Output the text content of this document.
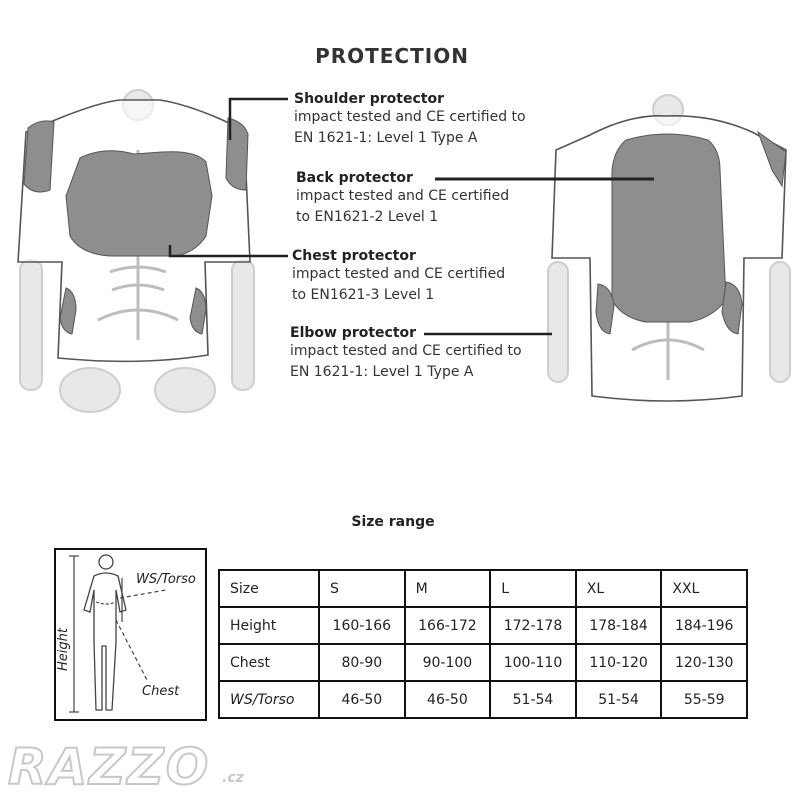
PROTECTION
Shoulder protector
impact tested and CE certified to
EN 1621-1: Level 1 Type A
Back protector
impact tested and CE certified
to EN1621-2 Level 1
Chest protector
impact tested and CE certified
to EN1621-3 Level 1
Elbow protector
impact tested and CE certified to
EN 1621-1: Level 1 Type A
Size range
WS/Torso
Height
Chest
Size	S	M	L	XL	XXL
Height	160-166	166-172	172-178	178-184	184-196
Chest	80-90	90-100	100-110	110-120	120-130
WS/Torso	46-50	46-50	51-54	51-54	55-59
RAZZO .cz
